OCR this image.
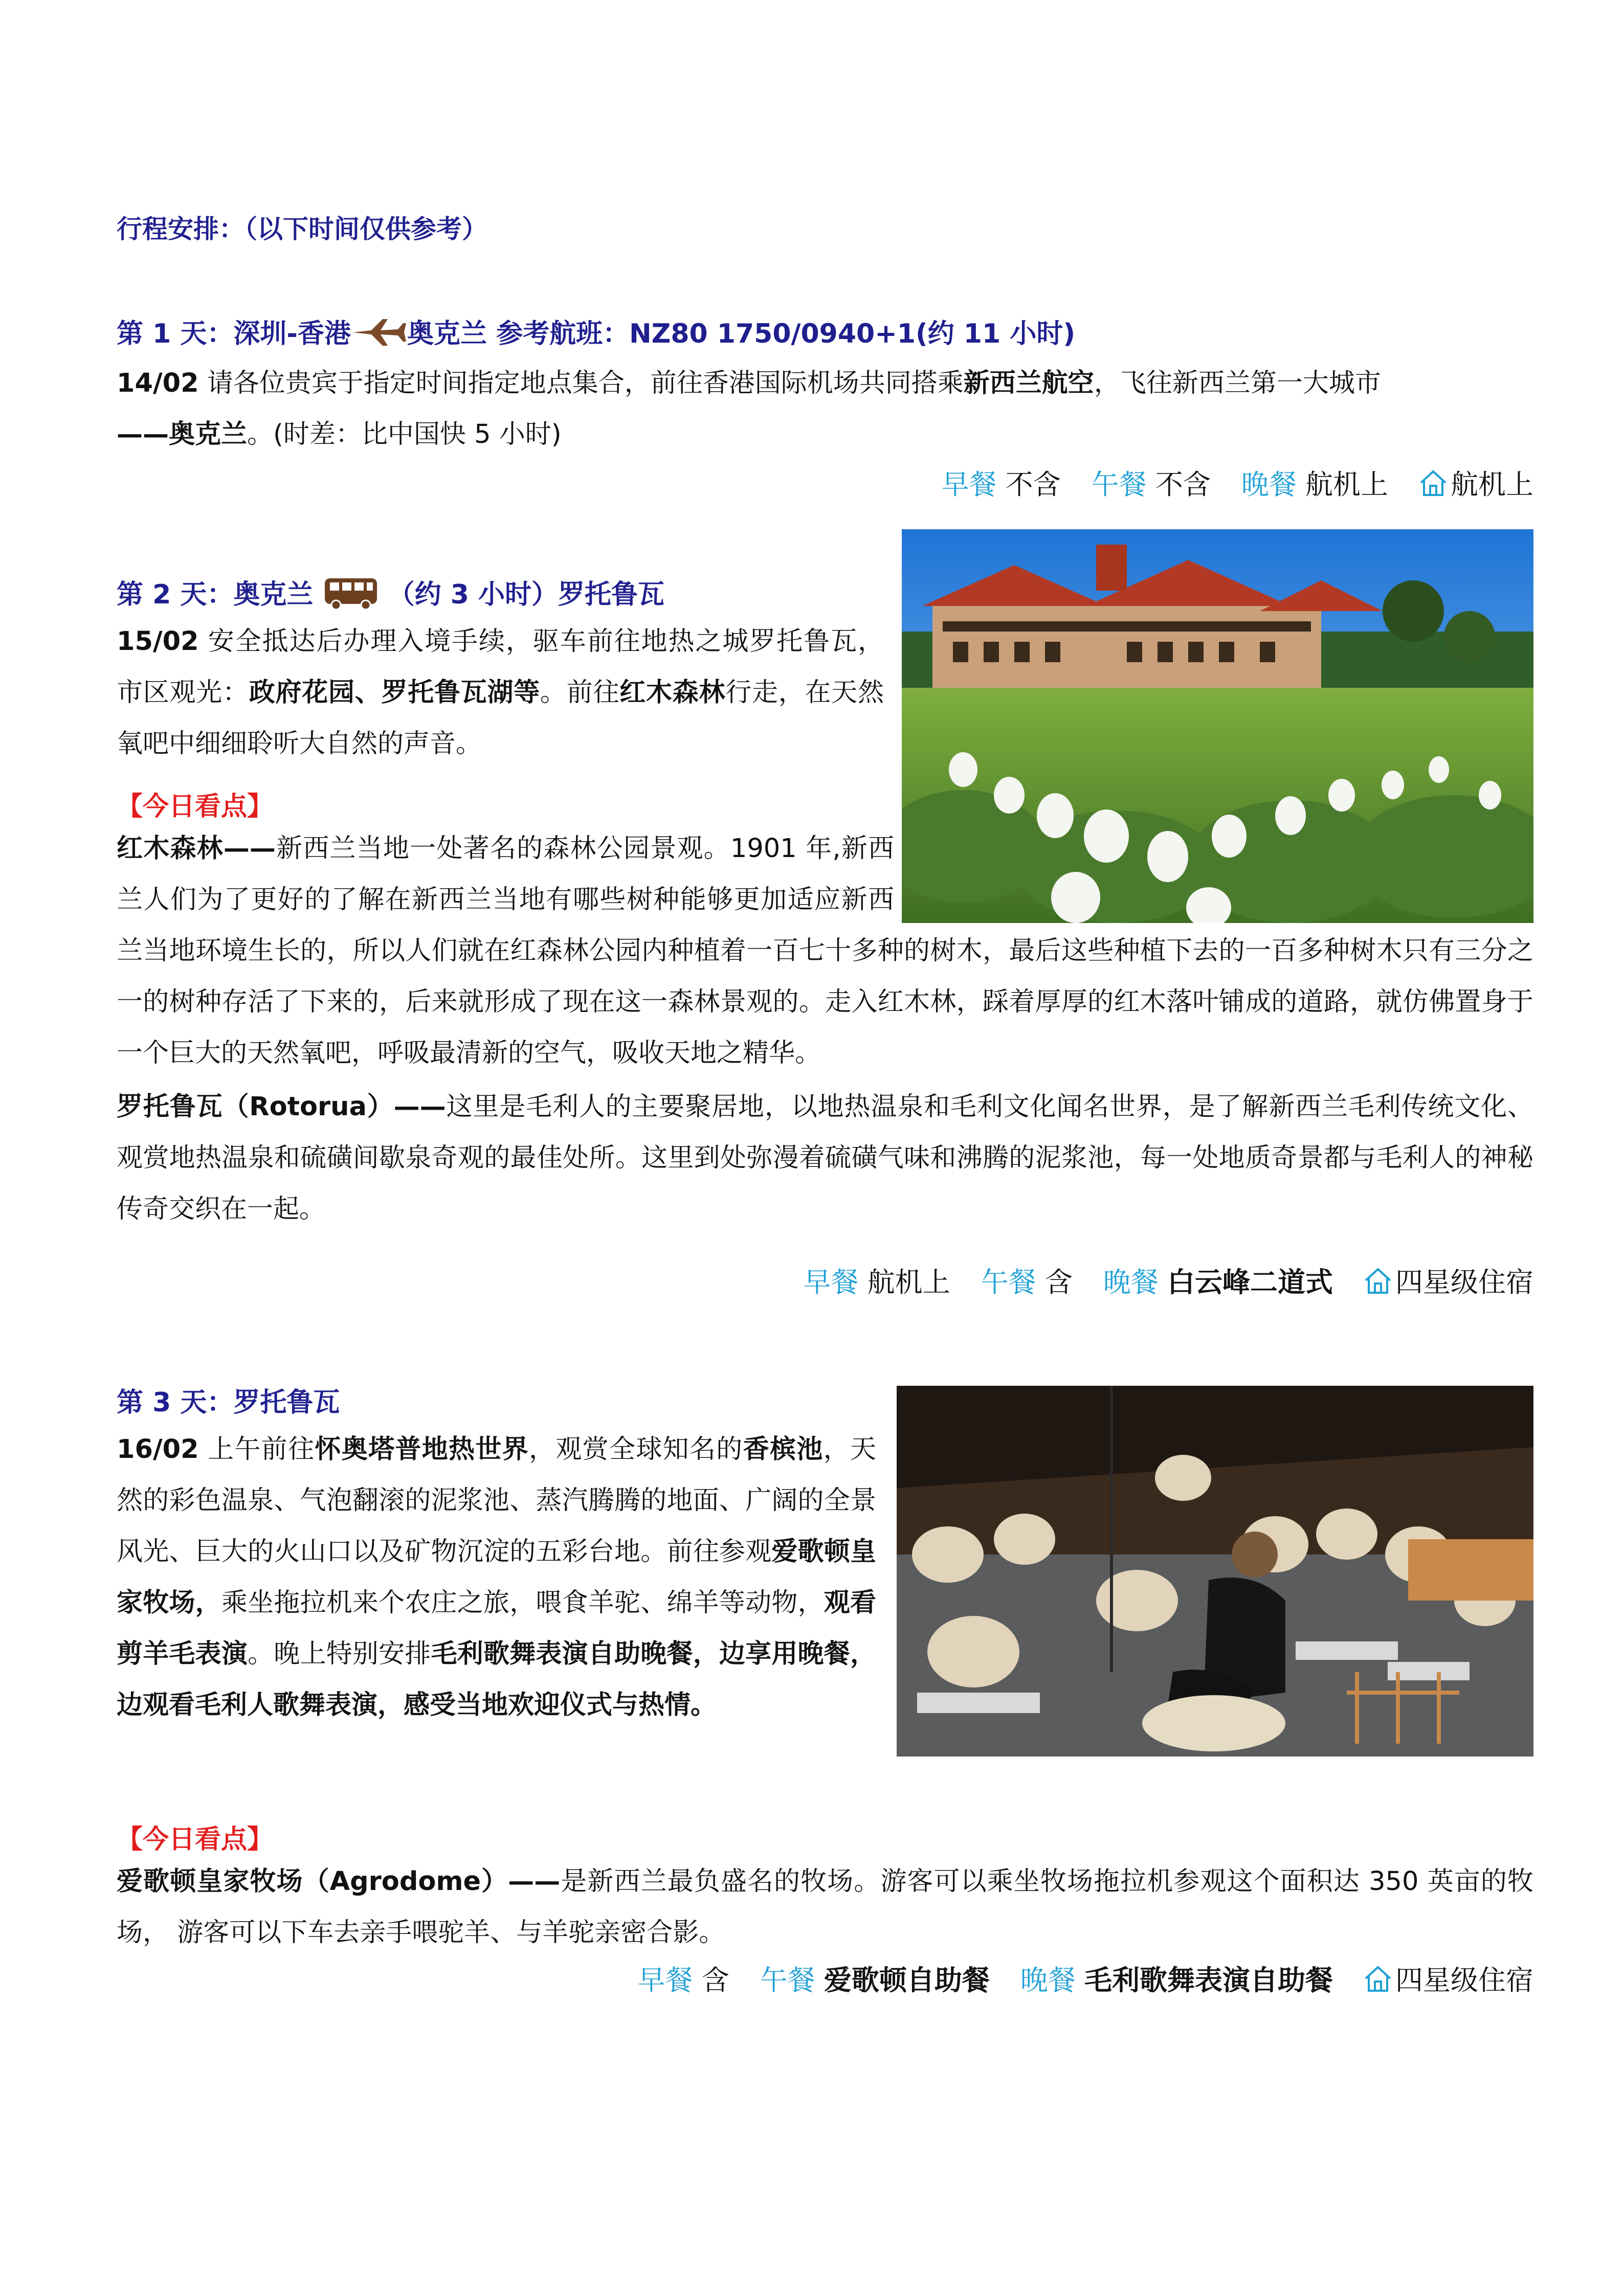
行程安排：（以下时间仅供参考）
第 1 天：深圳-香港 奥克兰 参考航班：NZ80 1750/0940+1(约 11 小时)
14/02 请各位贵宾于指定时间指定地点集合，前往香港国际机场共同搭乘新西兰航空，飞往新西兰第一大城市
——奥克兰。(时差：比中国快 5 小时)
早餐 不含 午餐 不含 晚餐 航机上 航机上
第 2 天：奥克兰	（约 3 小时）罗托鲁瓦
15/02 安全抵达后办理入境手续，驱车前往地热之城罗托鲁瓦，市区观光：政府花园、罗托鲁瓦湖等。前往红木森林行走，在天然氧吧中细细聆听大自然的声音。
【今日看点】
红木森林——新西兰当地一处著名的森林公园景观。1901 年,新西兰人们为了更好的了解在新西兰当地有哪些树种能够更加适应新西兰当地环境生长的，所以人们就在红森林公园内种植着一百七十多种的树木，最后这些种植下去的一百多种树木只有三分之一的树种存活了下来的，后来就形成了现在这一森林景观的。走入红木林，踩着厚厚的红木落叶铺成的道路，就仿佛置身于一个巨大的天然氧吧，呼吸最清新的空气，吸收天地之精华。
罗托鲁瓦（Rotorua）——这里是毛利人的主要聚居地，以地热温泉和毛利文化闻名世界，是了解新西兰毛利传统文化、观赏地热温泉和硫磺间歇泉奇观的最佳处所。这里到处弥漫着硫磺气味和沸腾的泥浆池，每一处地质奇景都与毛利人的神秘传奇交织在一起。
早餐 航机上 午餐 含 晚餐 白云峰二道式 四星级住宿
第 3 天：罗托鲁瓦
16/02 上午前往怀奥塔普地热世界，观赏全球知名的香槟池，天然的彩色温泉、气泡翻滚的泥浆池、蒸汽腾腾的地面、广阔的全景风光、巨大的火山口以及矿物沉淀的五彩台地。前往参观爱歌顿皇家牧场，乘坐拖拉机来个农庄之旅，喂食羊驼、绵羊等动物，观看剪羊毛表演。晚上特别安排毛利歌舞表演自助晚餐，边享用晚餐，边观看毛利人歌舞表演，感受当地欢迎仪式与热情。
【今日看点】
爱歌顿皇家牧场（Agrodome）——是新西兰最负盛名的牧场。游客可以乘坐牧场拖拉机参观这个面积达 350 英亩的牧场， 游客可以下车去亲手喂驼羊、与羊驼亲密合影。
早餐 含 午餐 爱歌顿自助餐 晚餐 毛利歌舞表演自助餐 四星级住宿
